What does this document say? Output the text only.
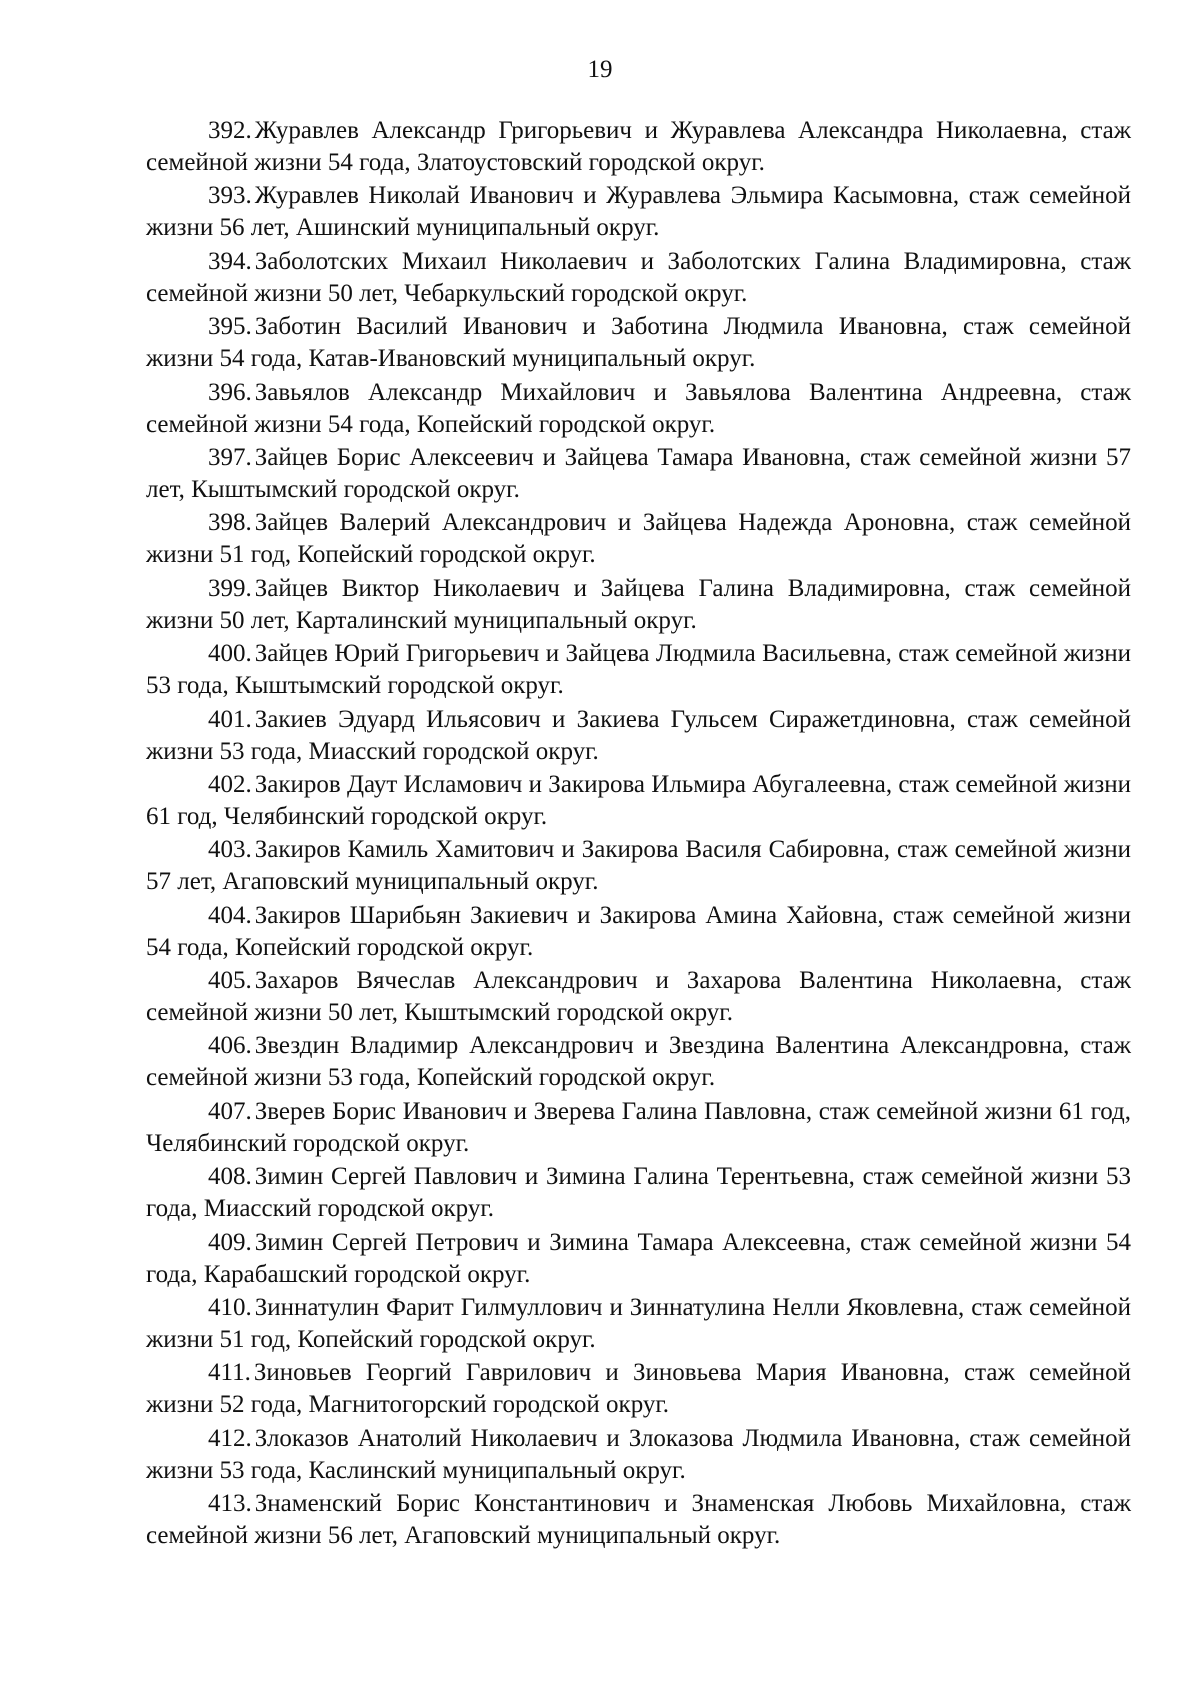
19

392. Журавлев Александр Григорьевич и Журавлева Александра Николаевна, стаж семейной жизни 54 года, Златоустовский городской округ.

393. Журавлев Николай Иванович и Журавлева Эльмира Касымовна, стаж семейной жизни 56 лет, Ашинский муниципальный округ.

394. Заболотских Михаил Николаевич и Заболотских Галина Владимировна, стаж семейной жизни 50 лет, Чебаркульский городской округ.

395. Заботин Василий Иванович и Заботина Людмила Ивановна, стаж семейной жизни 54 года, Катав-Ивановский муниципальный округ.

396. Завьялов Александр Михайлович и Завьялова Валентина Андреевна, стаж семейной жизни 54 года, Копейский городской округ.

397. Зайцев Борис Алексеевич и Зайцева Тамара Ивановна, стаж семейной жизни 57 лет, Кыштымский городской округ.

398. Зайцев Валерий Александрович и Зайцева Надежда Ароновна, стаж семейной жизни 51 год, Копейский городской округ.

399. Зайцев Виктор Николаевич и Зайцева Галина Владимировна, стаж семейной жизни 50 лет, Карталинский муниципальный округ.

400. Зайцев Юрий Григорьевич и Зайцева Людмила Васильевна, стаж семейной жизни 53 года, Кыштымский городской округ.

401. Закиев Эдуард Ильясович и Закиева Гульсем Сиражетдиновна, стаж семейной жизни 53 года, Миасский городской округ.

402. Закиров Даут Исламович и Закирова Ильмира Абугалеевна, стаж семейной жизни 61 год, Челябинский городской округ.

403. Закиров Камиль Хамитович и Закирова Василя Сабировна, стаж семейной жизни 57 лет, Агаповский муниципальный округ.

404. Закиров Шарибьян Закиевич и Закирова Амина Хайовна, стаж семейной жизни 54 года, Копейский городской округ.

405. Захаров Вячеслав Александрович и Захарова Валентина Николаевна, стаж семейной жизни 50 лет, Кыштымский городской округ.

406. Звездин Владимир Александрович и Звездина Валентина Александровна, стаж семейной жизни 53 года, Копейский городской округ.

407. Зверев Борис Иванович и Зверева Галина Павловна, стаж семейной жизни 61 год, Челябинский городской округ.

408. Зимин Сергей Павлович и Зимина Галина Терентьевна, стаж семейной жизни 53 года, Миасский городской округ.

409. Зимин Сергей Петрович и Зимина Тамара Алексеевна, стаж семейной жизни 54 года, Карабашский городской округ.

410. Зиннатулин Фарит Гилмуллович и Зиннатулина Нелли Яковлевна, стаж семейной жизни 51 год, Копейский городской округ.

411. Зиновьев Георгий Гаврилович и Зиновьева Мария Ивановна, стаж семейной жизни 52 года, Магнитогорский городской округ.

412. Злоказов Анатолий Николаевич и Злоказова Людмила Ивановна, стаж семейной жизни 53 года, Каслинский муниципальный округ.

413. Знаменский Борис Константинович и Знаменская Любовь Михайловна, стаж семейной жизни 56 лет, Агаповский муниципальный округ.
